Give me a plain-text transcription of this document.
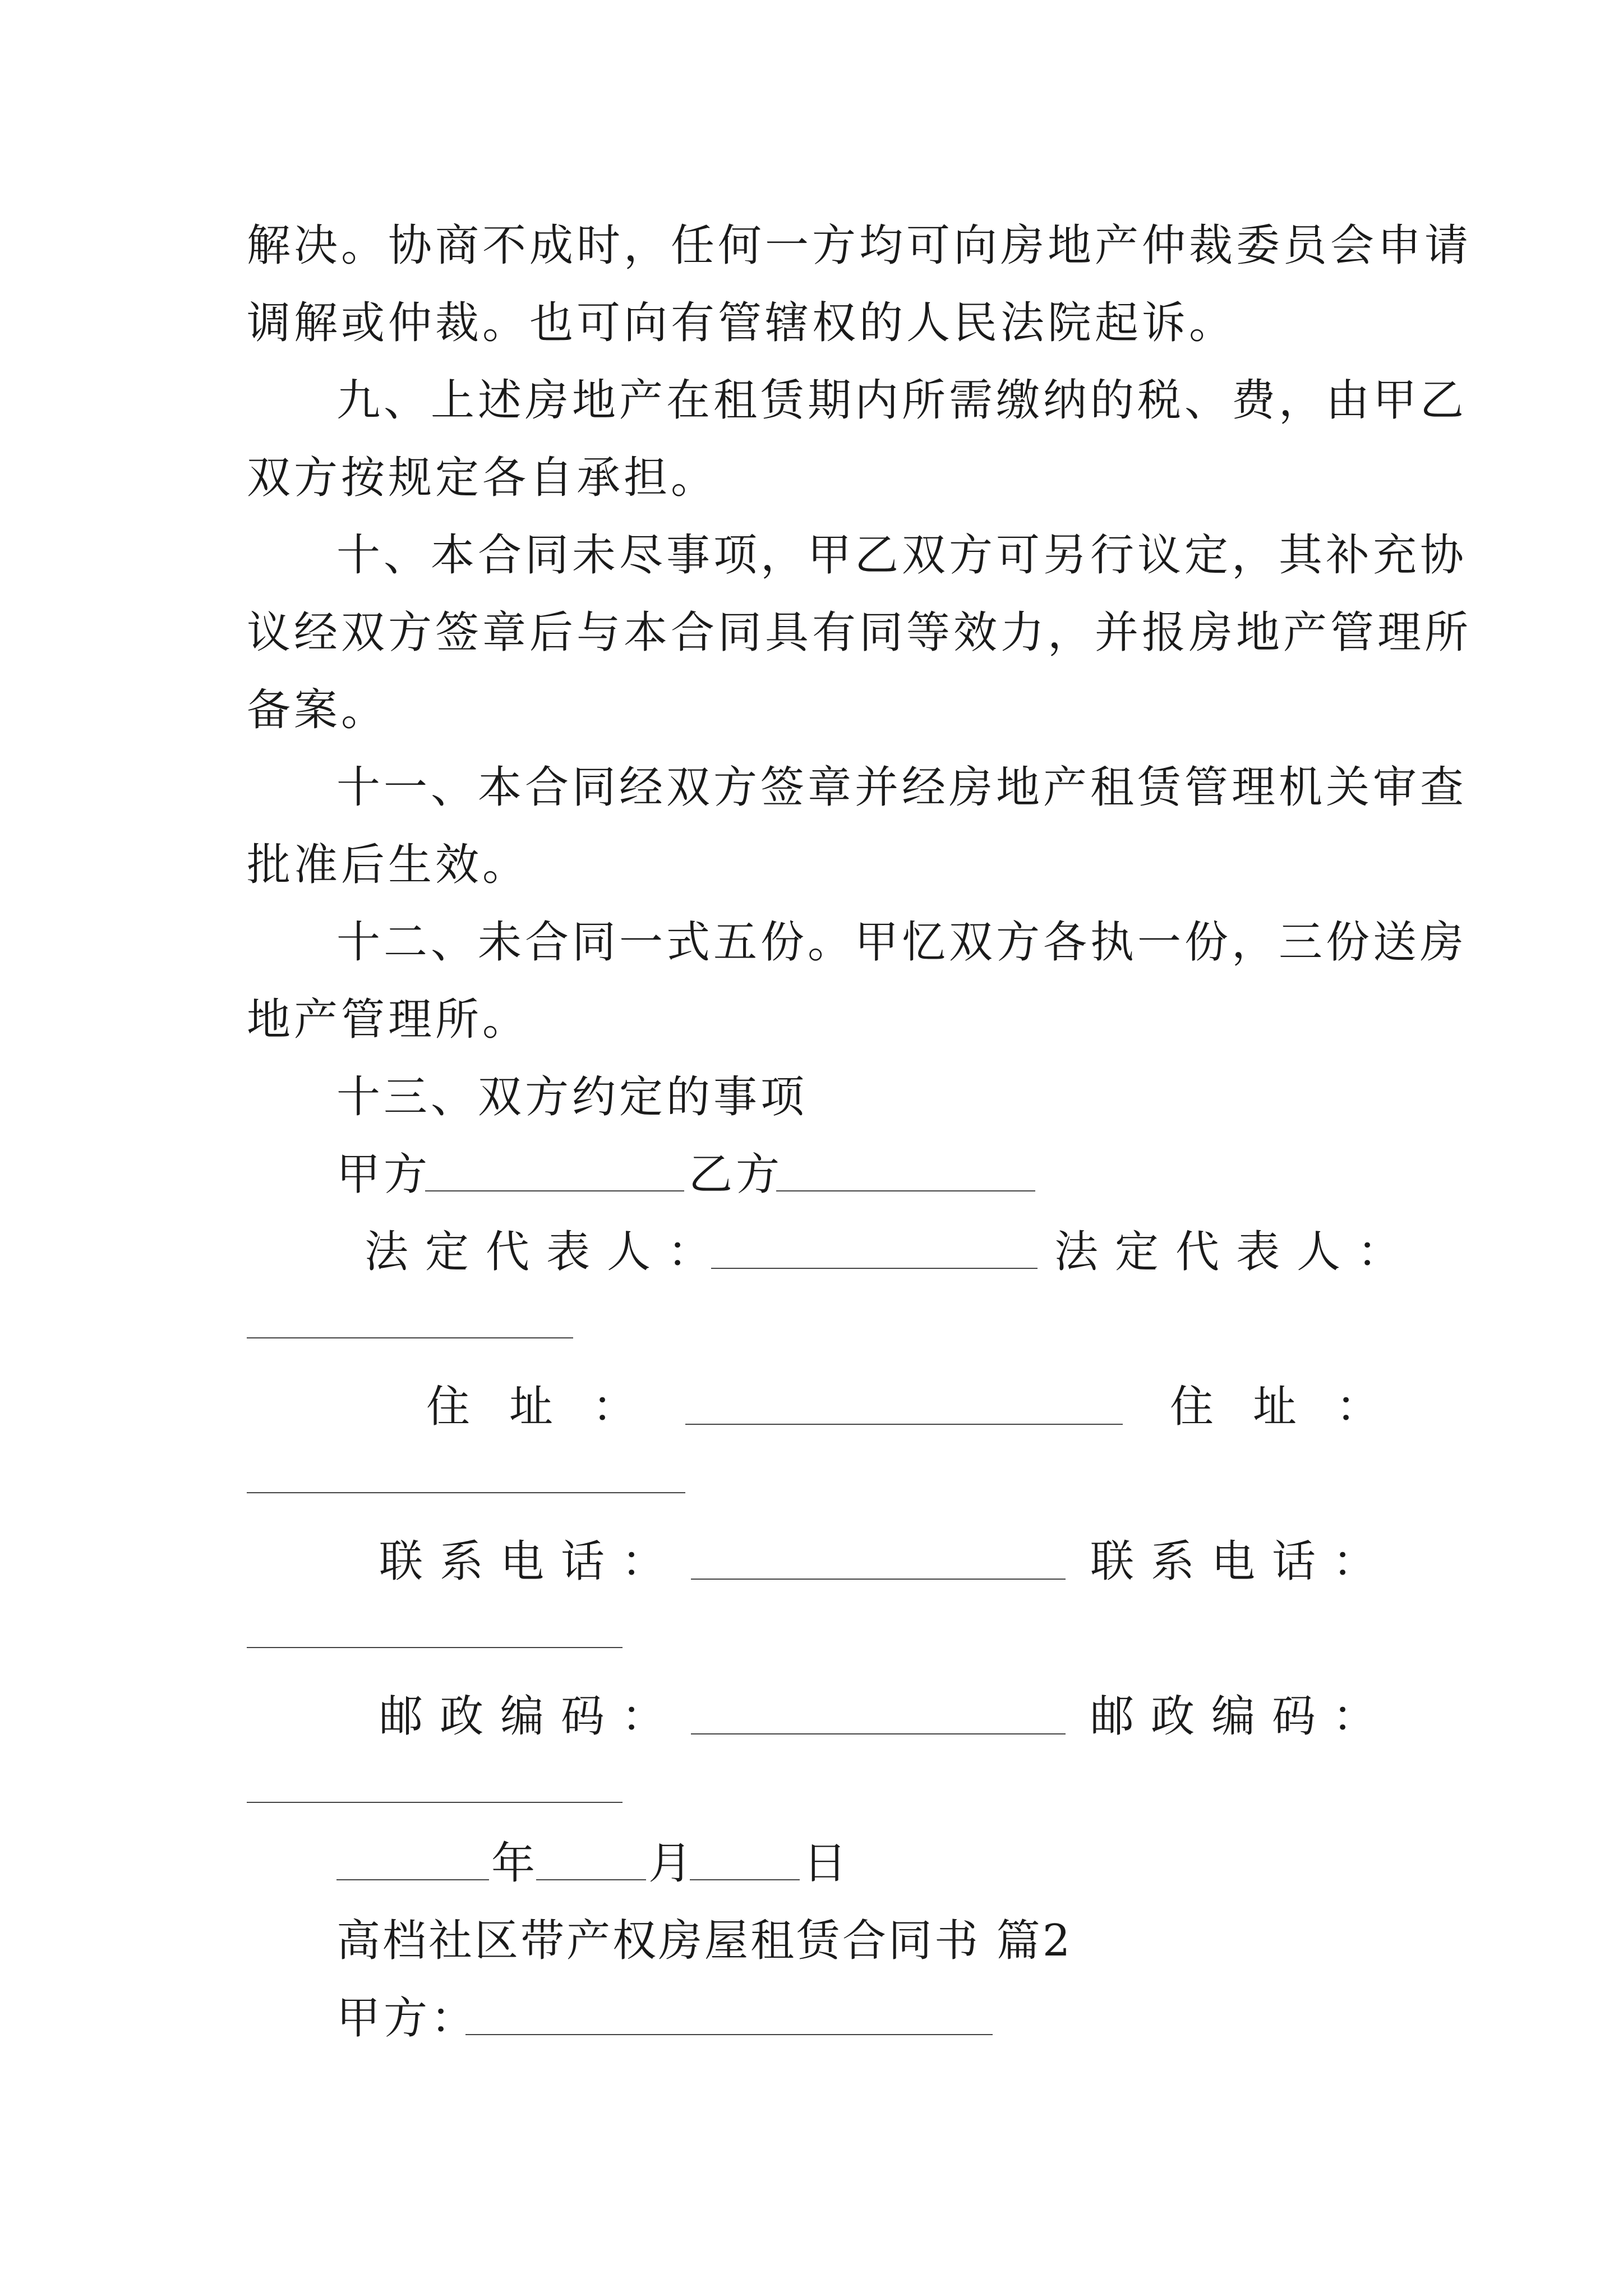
解决。协商不成时，任何一方均可向房地产仲裁委员会申请
调解或仲裁。也可向有管辖权的人民法院起诉。
九、上述房地产在租赁期内所需缴纳的税、费，由甲乙
双方按规定各自承担。
十、本合同未尽事项，甲乙双方可另行议定，其补充协
议经双方签章后与本合同具有同等效力，并报房地产管理所
备案。
十一、本合同经双方签章并经房地产租赁管理机关审查
批准后生效。
十二、未合同一式五份。甲忆双方各执一份，三份送房
地产管理所。
十三、双方约定的事项
甲方	乙方
法定代表人：	法定代表人：
住址：	住址：
联系电话：	联系电话：
邮政编码：	邮政编码：
年	月	日
高档社区带产权房屋租赁合同书 篇2
甲方：
